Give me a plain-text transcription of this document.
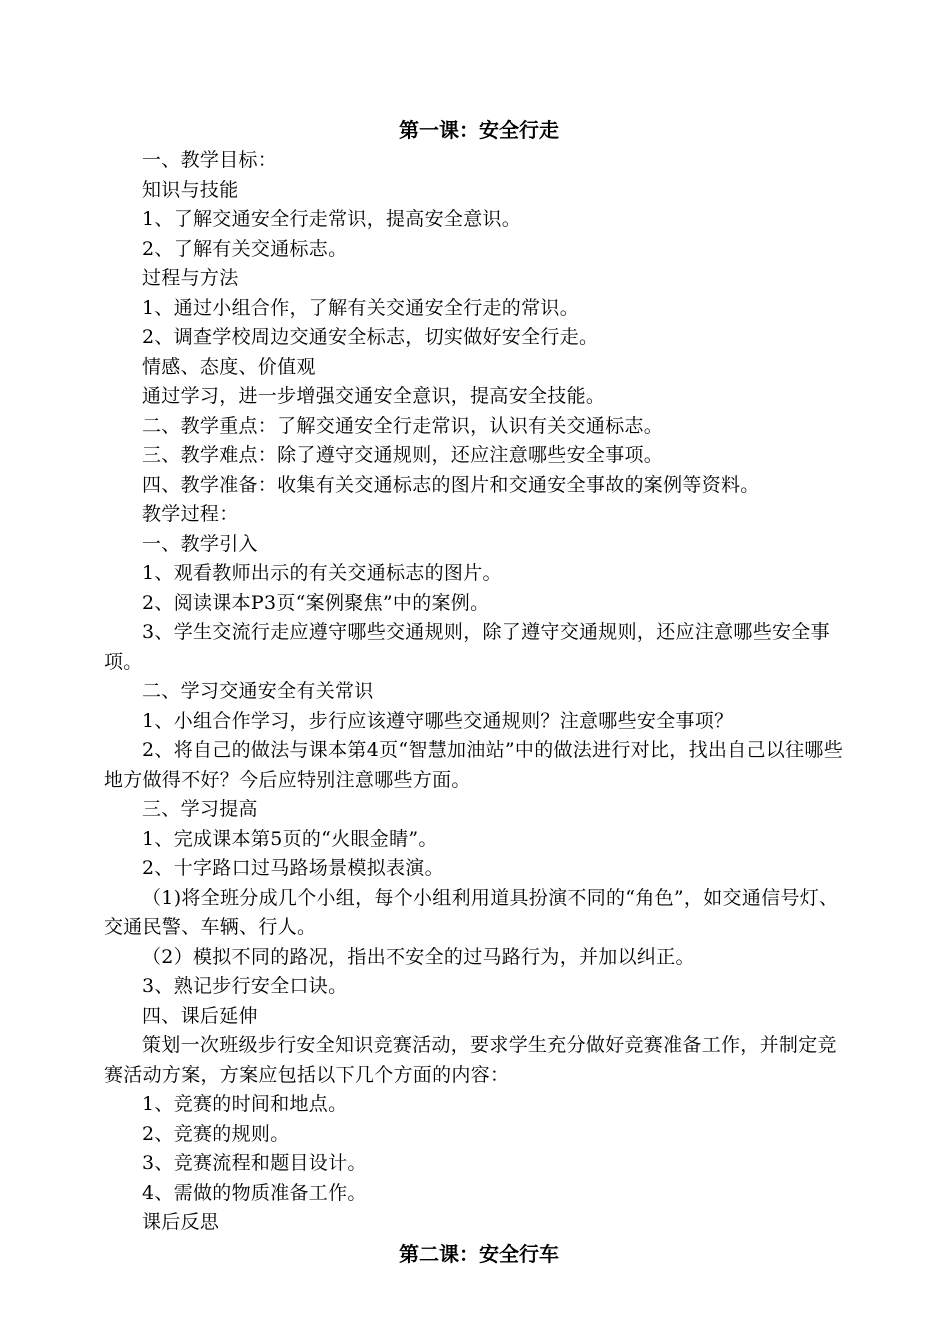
第一课：安全行走

一、教学目标：

知识与技能

1、了解交通安全行走常识，提高安全意识。

2、了解有关交通标志。

过程与方法

1、通过小组合作，了解有关交通安全行走的常识。

2、调查学校周边交通安全标志，切实做好安全行走。

情感、态度、价值观

通过学习，进一步增强交通安全意识，提高安全技能。

二、教学重点：了解交通安全行走常识，认识有关交通标志。

三、教学难点：除了遵守交通规则，还应注意哪些安全事项。

四、教学准备：收集有关交通标志的图片和交通安全事故的案例等资料。

教学过程：

一、教学引入

1、观看教师出示的有关交通标志的图片。

2、阅读课本P3页“案例聚焦”中的案例。

3、学生交流行走应遵守哪些交通规则，除了遵守交通规则，还应注意哪些安全事项。

二、学习交通安全有关常识

1、小组合作学习，步行应该遵守哪些交通规则？注意哪些安全事项？

2、将自己的做法与课本第4页“智慧加油站”中的做法进行对比，找出自己以往哪些地方做得不好？今后应特别注意哪些方面。

三、学习提高

1、完成课本第5页的“火眼金睛”。

2、十字路口过马路场景模拟表演。

（1)将全班分成几个小组，每个小组利用道具扮演不同的“角色”，如交通信号灯、交通民警、车辆、行人。

（2）模拟不同的路况，指出不安全的过马路行为，并加以纠正。

3、熟记步行安全口诀。

四、课后延伸

策划一次班级步行安全知识竞赛活动，要求学生充分做好竞赛准备工作，并制定竞赛活动方案，方案应包括以下几个方面的内容：

1、竞赛的时间和地点。

2、竞赛的规则。

3、竞赛流程和题目设计。

4、需做的物质准备工作。

课后反思

第二课：安全行车
